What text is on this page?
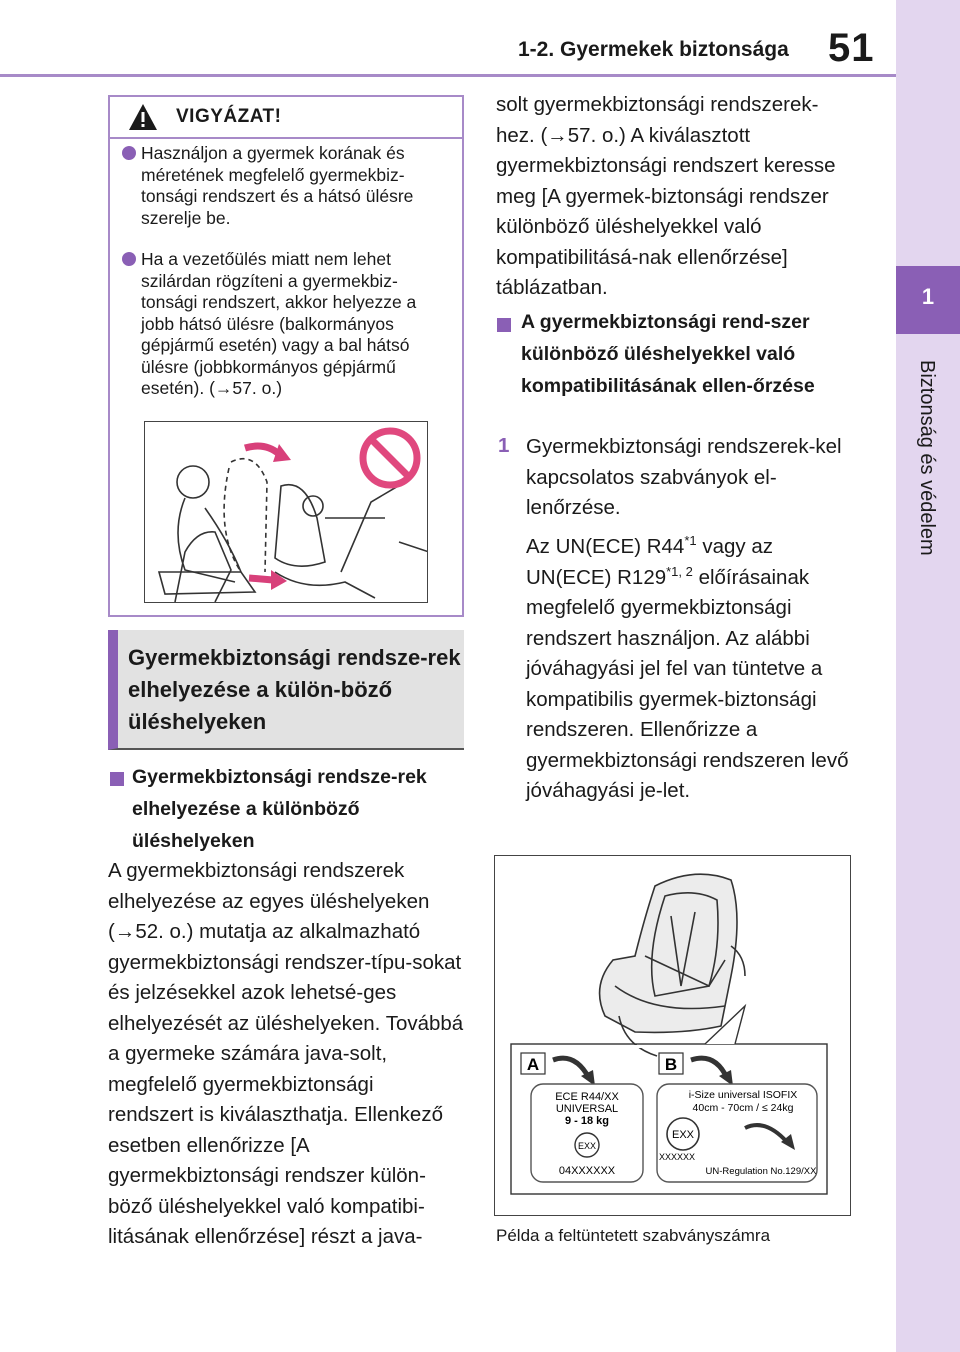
1-2. Gyermekek biztonsága 51
1
Biztonság és védelem
VIGYÁZAT!
Használjon a gyermek korának és méretének megfelelő gyermekbiz-tonsági rendszert és a hátsó ülésre szerelje be.
Ha a vezetőülés miatt nem lehet szilárdan rögzíteni a gyermekbiz-tonsági rendszert, akkor helyezze a jobb hátsó ülésre (balkormányos gépjármű esetén) vagy a bal hátsó ülésre (jobbkormányos gépjármű esetén). (→57. o.)
Gyermekbiztonsági rendsze-rek elhelyezése a külön-böző üléshelyeken
Gyermekbiztonsági rendsze-rek elhelyezése a különböző üléshelyeken
A gyermekbiztonsági rendszerek elhelyezése az egyes üléshelyeken (→52. o.) mutatja az alkalmazható gyermekbiztonsági rendszer-típu-sokat és jelzésekkel azok lehetsé-ges elhelyezését az üléshelyeken. Továbbá a gyermeke számára java-solt, megfelelő gyermekbiztonsági rendszert is kiválaszthatja. Ellenkező esetben ellenőrizze [A gyermekbiztonsági rendszer külön-böző üléshelyekkel való kompatibi-litásának ellenőrzése] részt a java-
solt gyermekbiztonsági rendszerek-hez. (→57. o.) A kiválasztott gyermekbiztonsági rendszert keresse meg [A gyermek-biztonsági rendszer különböző üléshelyekkel való kompatibilitásá-nak ellenőrzése] táblázatban.
A gyermekbiztonsági rend-szer különböző üléshelyekkel való kompatibilitásának ellen-őrzése
1 Gyermekbiztonsági rendszerek-kel kapcsolatos szabványok el-lenőrzése.
Az UN(ECE) R44$^{*1}$ vagy az UN(ECE) R129$^{*1, 2}$ előírásainak megfelelő gyermekbiztonsági rendszert használjon. Az alábbi jóváhagyási jel fel van tüntetve a kompatibilis gyermek-biztonsági rendszeren. Ellenőrizze a gyermekbiztonsági rendszeren levő jóváhagyási je-let.
A	B
ECE R44/XX
UNIVERSAL
9 - 18 kg
EXX
04XXXXXX
i-Size universal ISOFIX
40cm - 70cm / ≤ 24kg
EXX
XXXXXX
UN-Regulation No.129/XX
Példa a feltüntetett szabványszámra
